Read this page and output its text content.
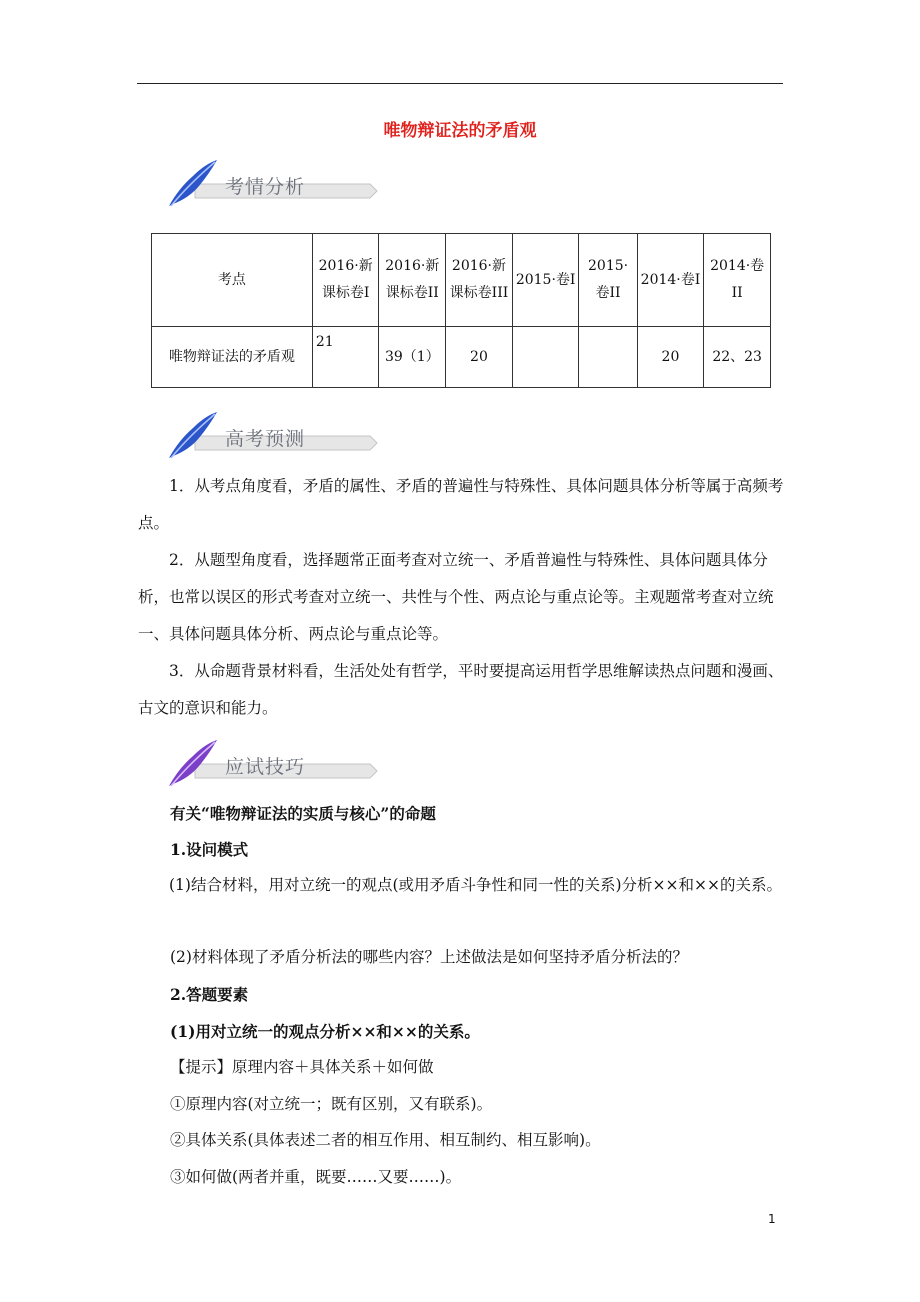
唯物辩证法的矛盾观
考情分析
考点	2016·新课标卷I	2016·新课标卷II	2016·新课标卷III	2015·卷I	2015·卷II	2014·卷I	2014·卷II
唯物辩证法的矛盾观	21	39（1）	20			20	22、23
高考预测
1．从考点角度看，矛盾的属性、矛盾的普遍性与特殊性、具体问题具体分析等属于高频考点。
2．从题型角度看，选择题常正面考查对立统一、矛盾普遍性与特殊性、具体问题具体分析，也常以误区的形式考查对立统一、共性与个性、两点论与重点论等。主观题常考查对立统一、具体问题具体分析、两点论与重点论等。
3．从命题背景材料看，生活处处有哲学，平时要提高运用哲学思维解读热点问题和漫画、古文的意识和能力。
应试技巧
有关“唯物辩证法的实质与核心”的命题
1.设问模式
(1)结合材料，用对立统一的观点(或用矛盾斗争性和同一性的关系)分析××和××的关系。
(2)材料体现了矛盾分析法的哪些内容？上述做法是如何坚持矛盾分析法的？
2.答题要素
(1)用对立统一的观点分析××和××的关系。
【提示】原理内容＋具体关系＋如何做
①原理内容(对立统一；既有区别，又有联系)。
②具体关系(具体表述二者的相互作用、相互制约、相互影响)。
③如何做(两者并重，既要……又要……)。
1
